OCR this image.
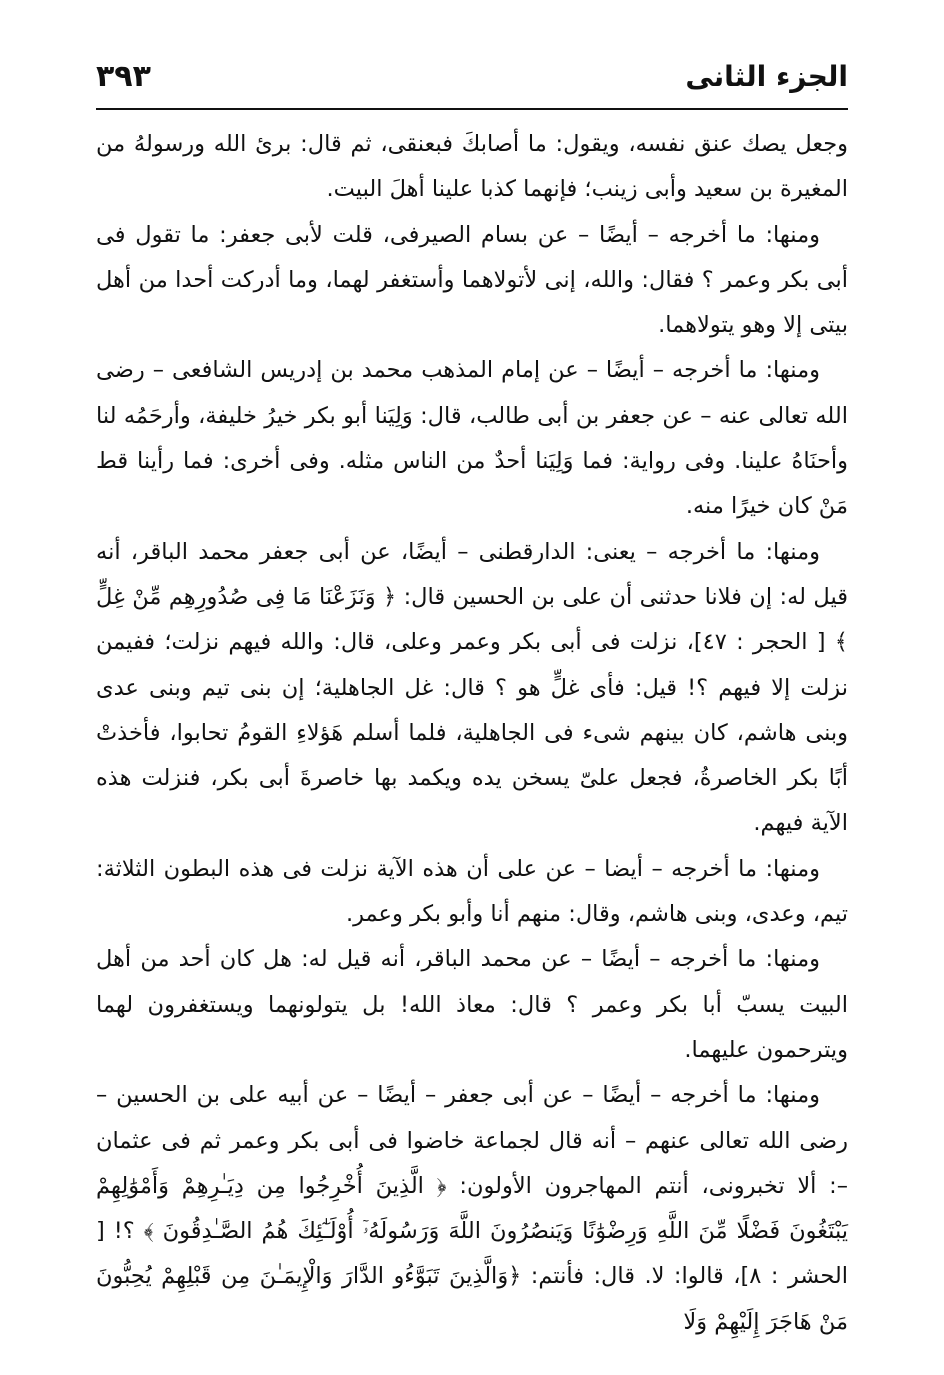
الجزء الثانى
٣٩٣

وجعل يصك عنق نفسه، ويقول: ما أصابكَ فبعنقى، ثم قال: برئ الله ورسولهُ من المغيرة بن سعيد وأبى زينب؛ فإنهما كذبا علينا أهلَ البيت.

ومنها: ما أخرجه – أيضًا – عن بسام الصيرفى، قلت لأبى جعفر: ما تقول فى أبى بكر وعمر ؟ فقال: والله، إنى لأتولاهما وأستغفر لهما، وما أدركت أحدا من أهل بيتى إلا وهو يتولاهما.

ومنها: ما أخرجه – أيضًا – عن إمام المذهب محمد بن إدريس الشافعى – رضى الله تعالى عنه – عن جعفر بن أبى طالب، قال: وَلِيَنا أبو بكر خيرُ خليفة، وأرحَمُه لنا وأحنَاهُ علينا. وفى رواية: فما وَلِيَنا أحدٌ من الناس مثله. وفى أخرى: فما رأينا قط مَنْ كان خيرًا منه.

ومنها: ما أخرجه – يعنى: الدارقطنى – أيضًا، عن أبى جعفر محمد الباقر، أنه قيل له: إن فلانا حدثنى أن على بن الحسين قال: ﴿ وَنَزَعْنَا مَا فِى صُدُورِهِم مِّنْ غِلٍّ ﴾ [ الحجر : ٤٧]، نزلت فى أبى بكر وعمر وعلى، قال: والله فيهم نزلت؛ ففيمن نزلت إلا فيهم ؟! قيل: فأى غلٍّ هو ؟ قال: غل الجاهلية؛ إن بنى تيم وبنى عدى وبنى هاشم، كان بينهم شىء فى الجاهلية، فلما أسلم هَؤلاءِ القومُ تحابوا، فأخذتْ أبًا بكر الخاصرةُ، فجعل علىّ يسخن يده ويكمد بها خاصرةَ أبى بكر، فنزلت هذه الآية فيهم.

ومنها: ما أخرجه – أيضا – عن على أن هذه الآية نزلت فى هذه البطون الثلاثة: تيم، وعدى، وبنى هاشم، وقال: منهم أنا وأبو بكر وعمر.

ومنها: ما أخرجه – أيضًا – عن محمد الباقر، أنه قيل له: هل كان أحد من أهل البيت يسبّ أبا بكر وعمر ؟ قال: معاذ الله! بل يتولونهما ويستغفرون لهما ويترحمون عليهما.

ومنها: ما أخرجه – أيضًا – عن أبى جعفر – أيضًا – عن أبيه على بن الحسين – رضى الله تعالى عنهم – أنه قال لجماعة خاضوا فى أبى بكر وعمر ثم فى عثمان –: ألا تخبرونى، أنتم المهاجرون الأولون: ﴿ الَّذِينَ أُخْرِجُوا مِن دِيَـٰرِهِمْ وَأَمْوَٰلِهِمْ يَبْتَغُونَ فَضْلًا مِّنَ اللَّهِ وَرِضْوَٰنًا وَيَنصُرُونَ اللَّهَ وَرَسُولَهُۥٓ أُوْلَـٰٓئِكَ هُمُ الصَّـٰدِقُونَ ﴾ ؟! [ الحشر : ٨]، قالوا: لا. قال: فأنتم: ﴿وَالَّذِينَ تَبَوَّءُو الدَّارَ وَالْإِيمَـٰنَ مِن قَبْلِهِمْ يُحِبُّونَ مَنْ هَاجَرَ إِلَيْهِمْ وَلَا
